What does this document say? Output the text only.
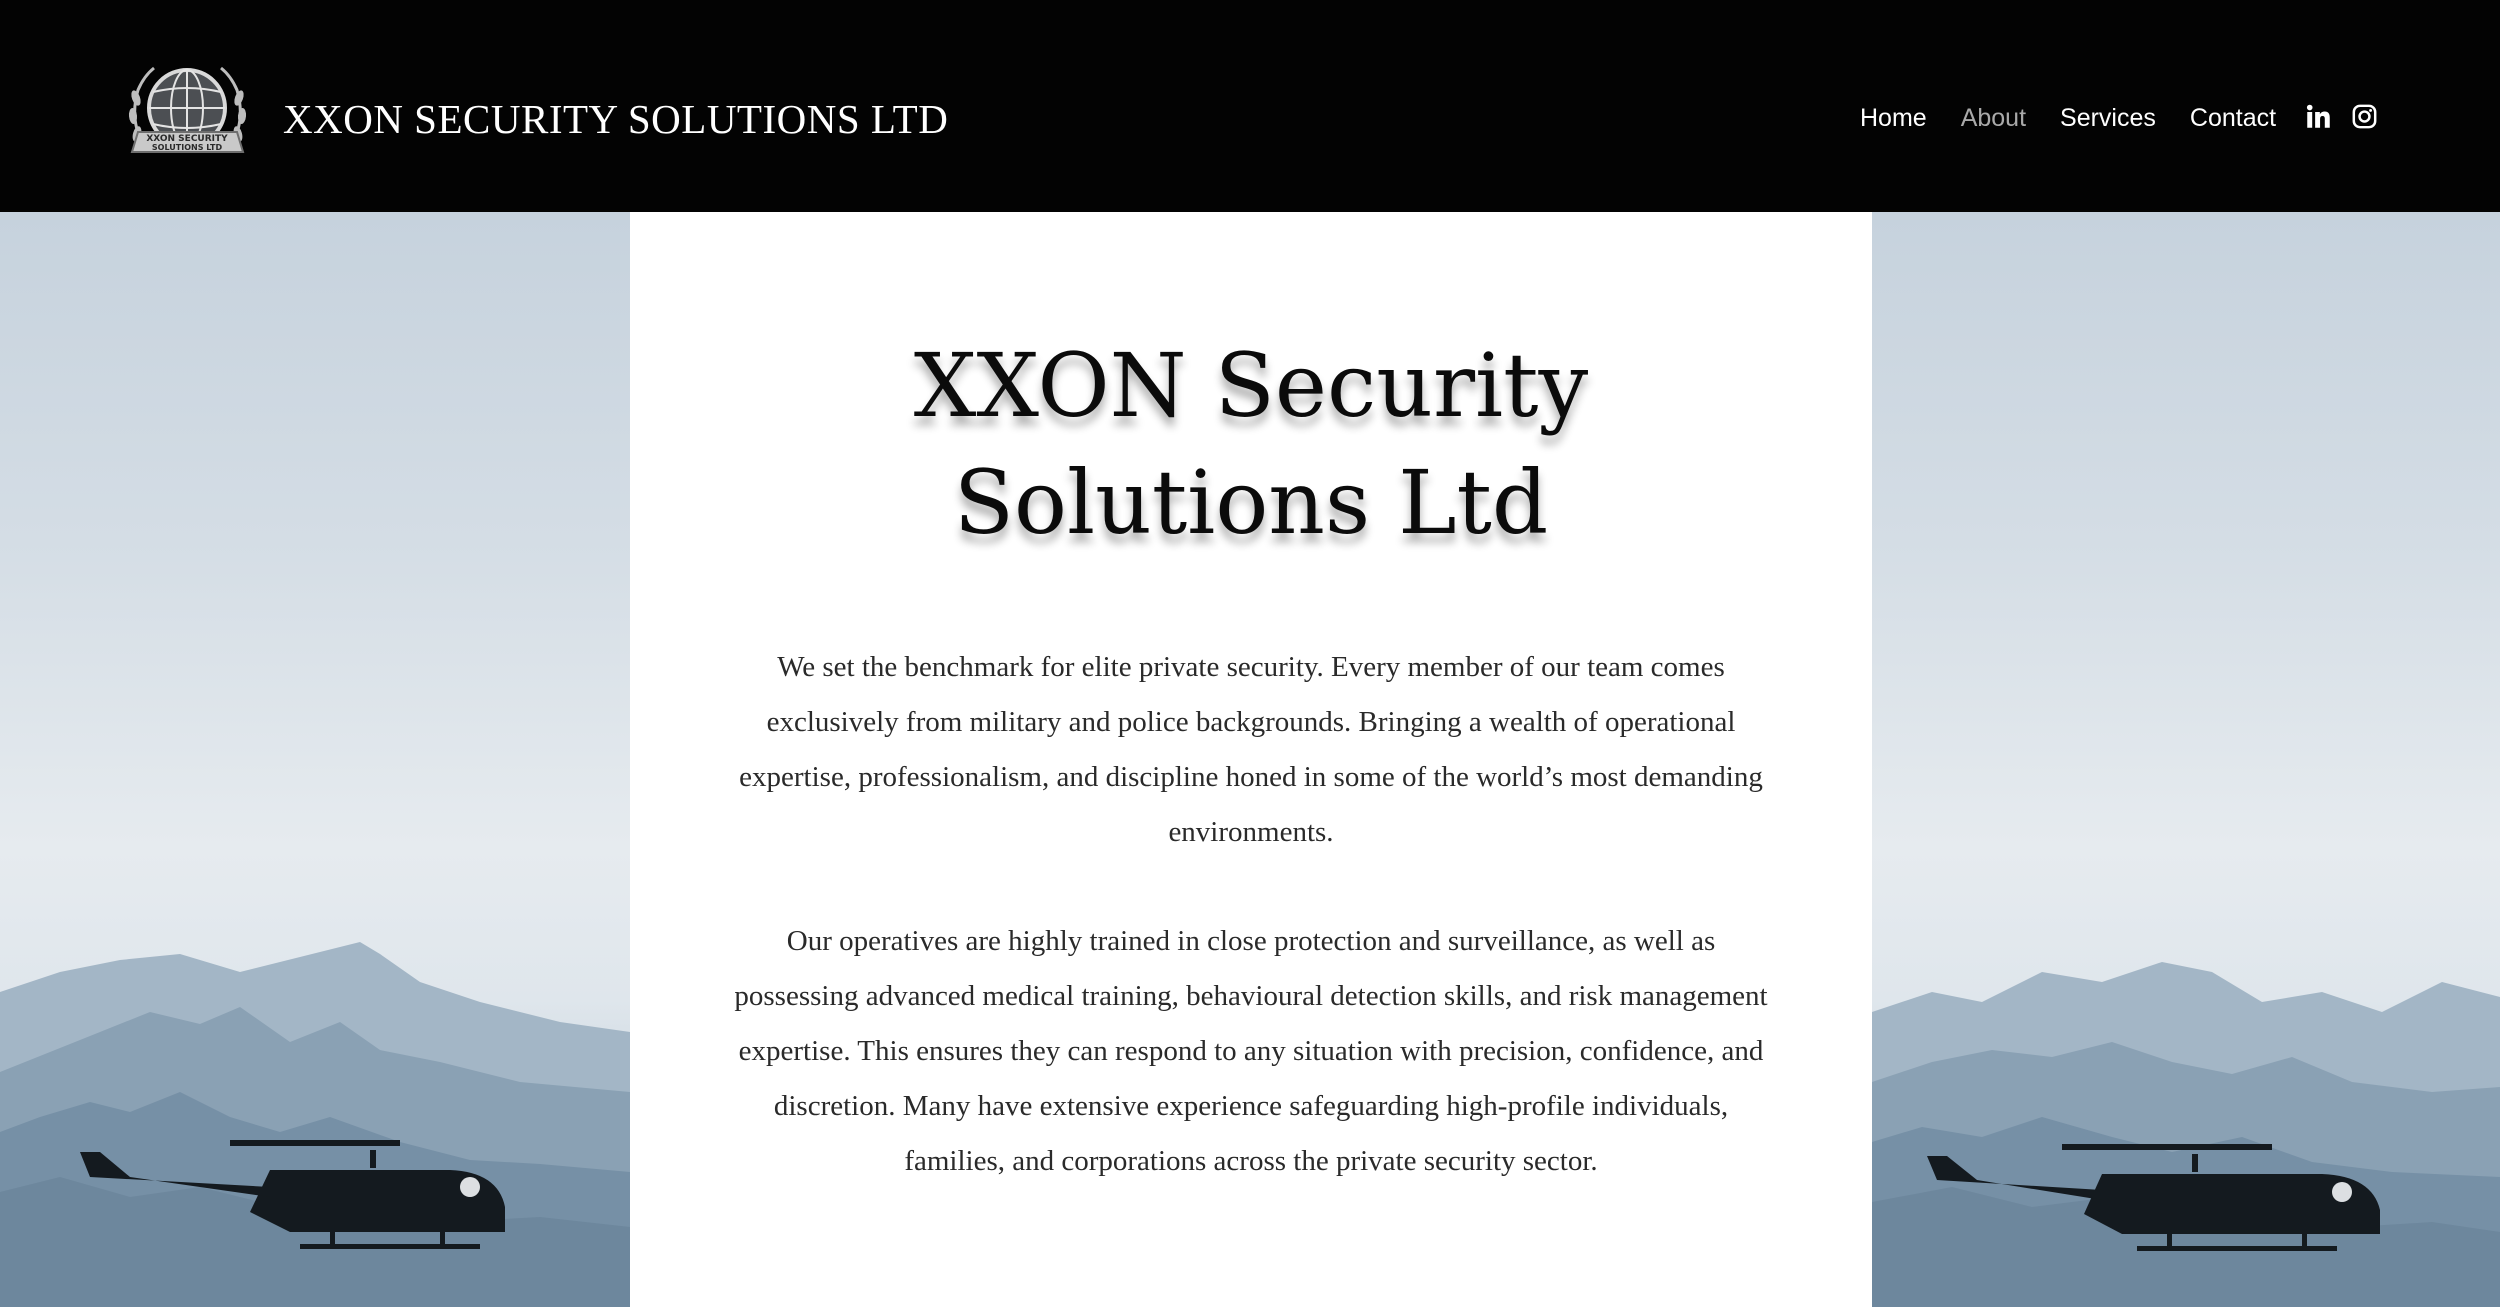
XXON SECURITY
SOLUTIONS LTD
XXON SECURITY SOLUTIONS LTD	Home About Services Contact
XXON Security
Solutions Ltd

We set the benchmark for elite private security. Every member of our team comes exclusively from military and police backgrounds. Bringing a wealth of operational expertise, professionalism, and discipline honed in some of the world’s most demanding environments.

Our operatives are highly trained in close protection and surveillance, as well as possessing advanced medical training, behavioural detection skills, and risk management expertise. This ensures they can respond to any situation with precision, confidence, and discretion. Many have extensive experience safeguarding high-profile individuals, families, and corporations across the private security sector.
